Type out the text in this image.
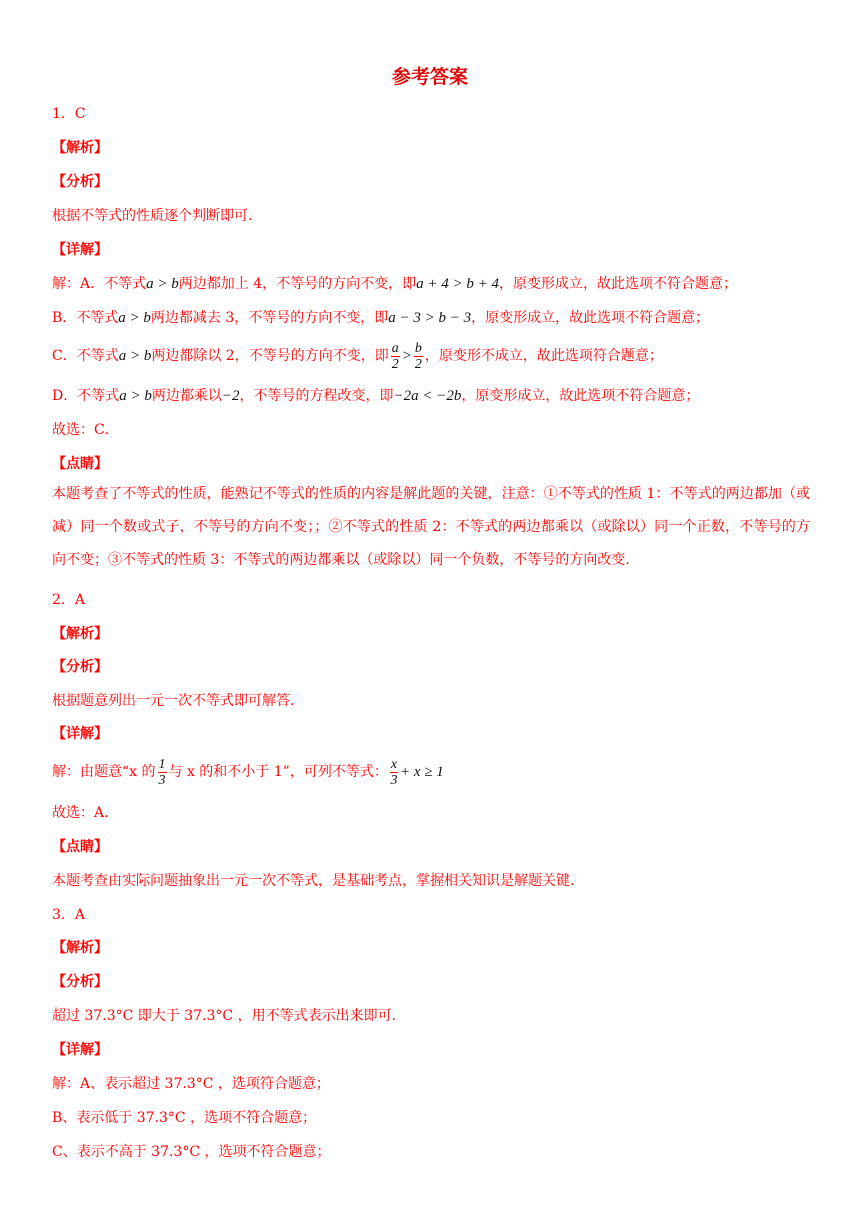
参考答案
1．C
【解析】
【分析】
根据不等式的性质逐个判断即可.
【详解】
解：A．不等式a > b两边都加上 4，不等号的方向不变，即a + 4 > b + 4，原变形成立，故此选项不符合题意；
B．不等式a > b两边都减去 3，不等号的方向不变，即a − 3 > b − 3，原变形成立，故此选项不符合题意；
C．不等式a > b两边都除以 2，不等号的方向不变，即 $\frac{a}{2} > \frac{b}{2}$ ，原变形不成立，故此选项符合题意；
D．不等式a > b两边都乘以−2，不等号的方程改变，即−2a < −2b，原变形成立，故此选项不符合题意；
故选：C．
【点睛】
本题考查了不等式的性质，能熟记不等式的性质的内容是解此题的关键，注意：①不等式的性质 1：不等式的两边都加（或减）同一个数或式子，不等号的方向不变；；②不等式的性质 2：不等式的两边都乘以（或除以）同一个正数，不等号的方向不变；③不等式的性质 3：不等式的两边都乘以（或除以）同一个负数，不等号的方向改变.
2．A
【解析】
【分析】
根据题意列出一元一次不等式即可解答.
【详解】
解：由题意“x 的 $\frac{1}{3}$ 与 x 的和不小于 1”，可列不等式： $\frac{x}{3} + x \ge 1$
故选：A.
【点睛】
本题考查由实际问题抽象出一元一次不等式，是基础考点，掌握相关知识是解题关键.
3．A
【解析】
【分析】
超过 37.3°C 即大于 37.3°C ，用不等式表示出来即可.
【详解】
解：A、表示超过 37.3°C ，选项符合题意；
B、表示低于 37.3°C ，选项不符合题意；
C、表示不高于 37.3°C ，选项不符合题意；
